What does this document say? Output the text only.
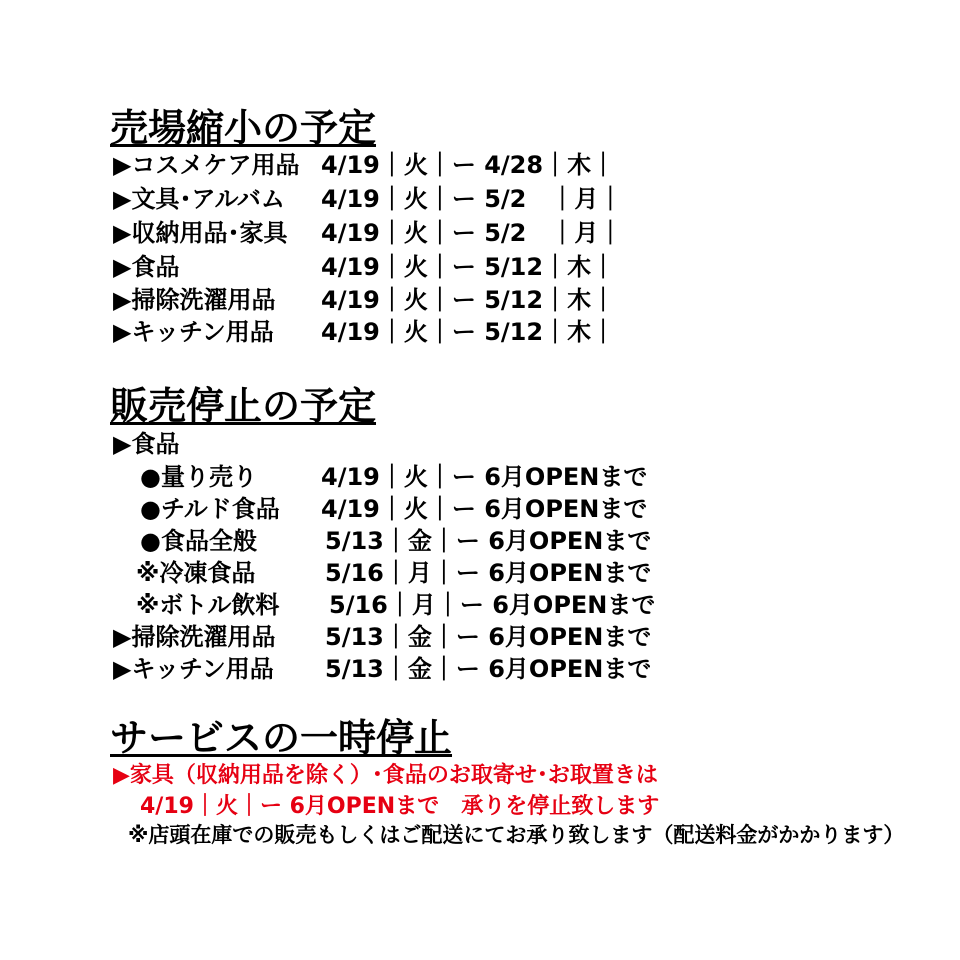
売場縮小の予定
▶コスメケア用品 4/19｜火｜ー 4/28｜木｜
▶文具･アルバム 4/19｜火｜ー 5/2　｜月｜
▶収納用品･家具 4/19｜火｜ー 5/2　｜月｜
▶食品	4/19｜火｜ー 5/12｜木｜
▶掃除洗濯用品 4/19｜火｜ー 5/12｜木｜
▶キッチン用品 4/19｜火｜ー 5/12｜木｜
販売停止の予定
▶食品
●量り売り	4/19｜火｜ー 6月OPENまで
●チルド食品 4/19｜火｜ー 6月OPENまで
●食品全般	5/13｜金｜ー 6月OPENまで
※冷凍食品	5/16｜月｜ー 6月OPENまで
※ボトル飲料 5/16｜月｜ー 6月OPENまで
▶掃除洗濯用品 5/13｜金｜ー 6月OPENまで
▶キッチン用品 5/13｜金｜ー 6月OPENまで
サービスの一時停止
▶家具（収納用品を除く）･食品のお取寄せ･お取置きは
4/19｜火｜ー 6月OPENまで　承りを停止致します
※店頭在庫での販売もしくはご配送にてお承り致します（配送料金がかかります）
